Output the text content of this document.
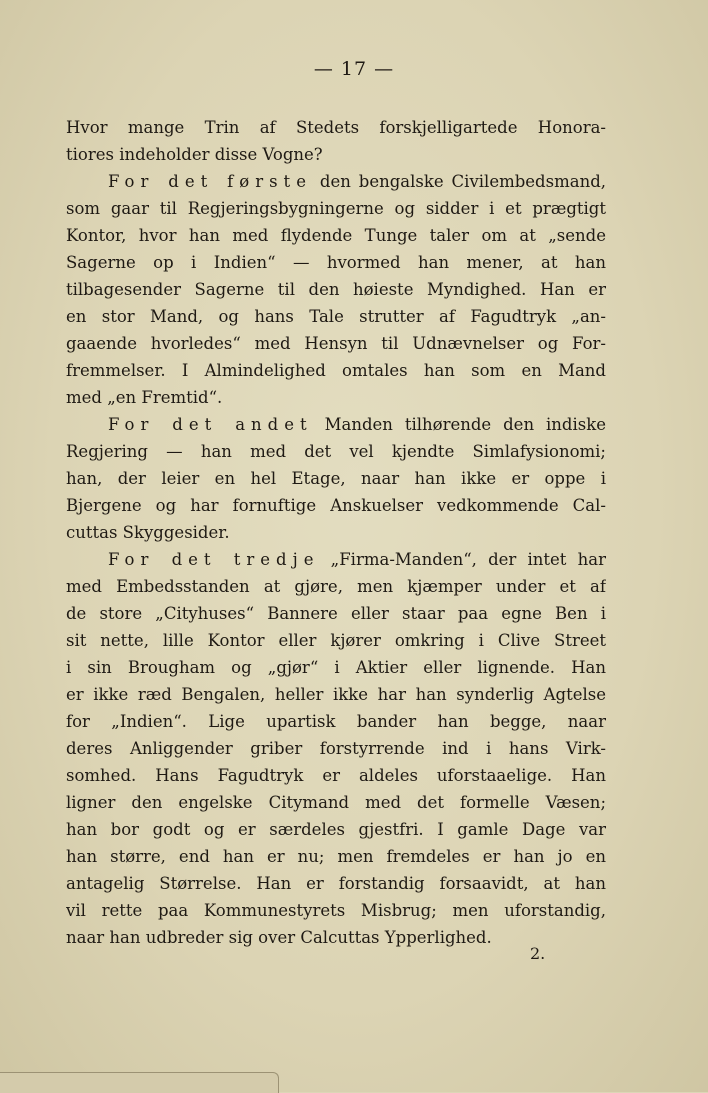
— 17 —
Hvor mange Trin af Stedets forskjelligartede Honora-
tiores indeholder disse Vogne?
For det første den bengalske Civilembedsmand,
som gaar til Regjeringsbygningerne og sidder i et prægtigt
Kontor, hvor han med flydende Tunge taler om at „sende
Sagerne op i Indien“ — hvormed han mener, at han
tilbagesender Sagerne til den høieste Myndighed. Han er
en stor Mand, og hans Tale strutter af Fagudtryk „an-
gaaende hvorledes“ med Hensyn til Udnævnelser og For-
fremmelser. I Almindelighed omtales han som en Mand
med „en Fremtid“.
For det andet Manden tilhørende den indiske
Regjering — han med det vel kjendte Simlafysionomi;
han, der leier en hel Etage, naar han ikke er oppe i
Bjergene og har fornuftige Anskuelser vedkommende Cal-
cuttas Skyggesider.
For det tredje „Firma-Manden“, der intet har
med Embedsstanden at gjøre, men kjæmper under et af
de store „Cityhuses“ Bannere eller staar paa egne Ben i
sit nette, lille Kontor eller kjører omkring i Clive Street
i sin Brougham og „gjør“ i Aktier eller lignende. Han
er ikke ræd Bengalen, heller ikke har han synderlig Agtelse
for „Indien“. Lige upartisk bander han begge, naar
deres Anliggender griber forstyrrende ind i hans Virk-
somhed. Hans Fagudtryk er aldeles uforstaaelige. Han
ligner den engelske Citymand med det formelle Væsen;
han bor godt og er særdeles gjestfri. I gamle Dage var
han større, end han er nu; men fremdeles er han jo en
antagelig Størrelse. Han er forstandig forsaavidt, at han
vil rette paa Kommunestyrets Misbrug; men uforstandig,
naar han udbreder sig over Calcuttas Ypperlighed.
2.
